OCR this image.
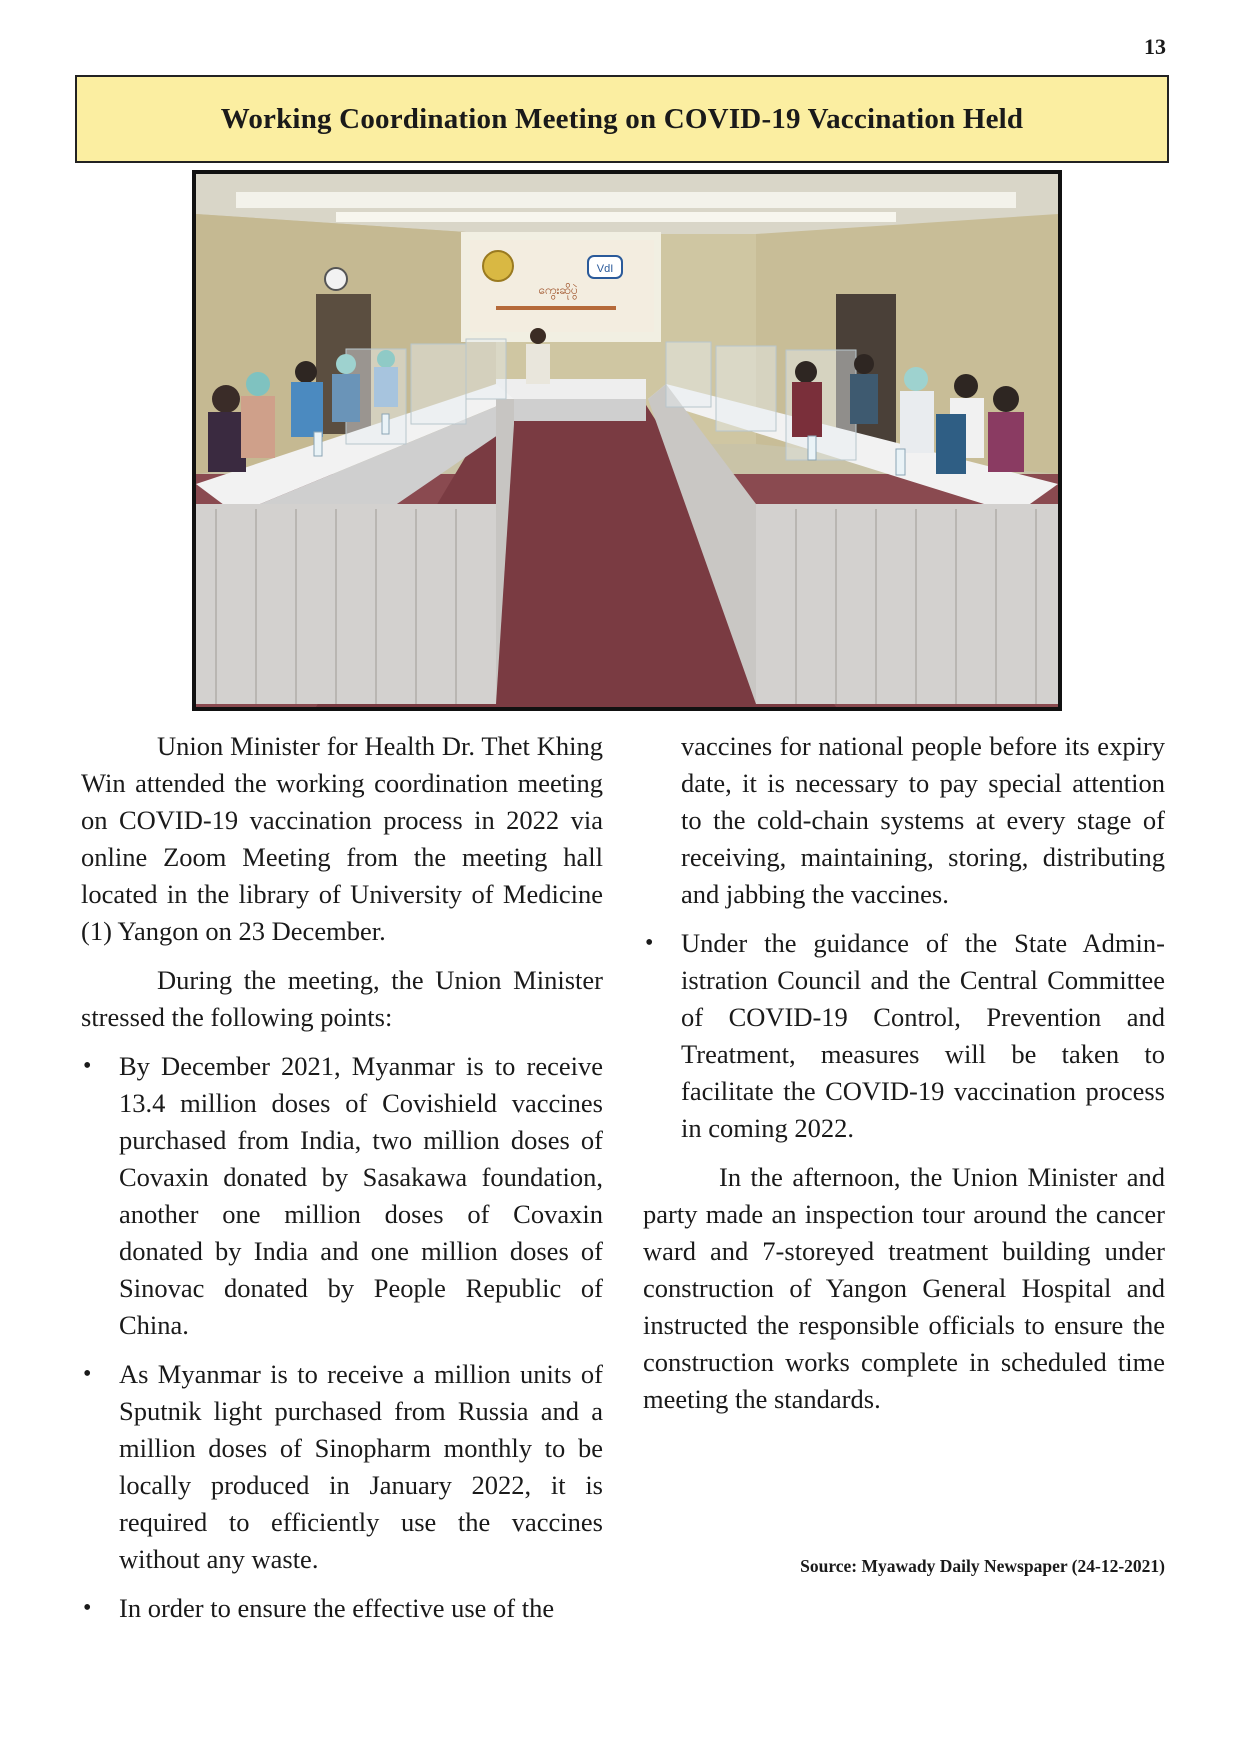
13
Working Coordination Meeting on COVID-19 Vaccination Held
VdI
ကွေးဆိုပွဲ

Union Minister for Health Dr. Thet Khing Win attended the working coordination meeting on COVID-19 vaccination process in 2022 via online Zoom Meeting from the meeting hall located in the library of University of Medicine (1) Yangon on 23 December.

During the meeting, the Union Minister stressed the following points:

• By December 2021, Myanmar is to receive 13.4 million doses of Covishield vaccines purchased from India, two million doses of Covaxin donated by Sasakawa foundation, another one million doses of Covaxin donated by India and one million doses of Sinovac donated by People Republic of China.
• As Myanmar is to receive a million units of Sputnik light purchased from Russia and a million doses of Sinopharm monthly to be locally produced in January 2022, it is required to efficiently use the vaccines without any waste.
• In order to ensure the effective use of the
vaccines for national people before its expiry date, it is necessary to pay special attention to the cold-chain systems at every stage of receiving, maintaining, storing, distributing and jabbing the vaccines.
• Under the guidance of the State Administration Council and the Central Committee of COVID-19 Control, Prevention and Treatment, measures will be taken to facilitate the COVID-19 vaccination process in coming 2022.

In the afternoon, the Union Minister and party made an inspection tour around the cancer ward and 7-storeyed treatment building under construction of Yangon General Hospital and instructed the responsible officials to ensure the construction works complete in scheduled time meeting the standards.

Source: Myawady Daily Newspaper (24-12-2021)
